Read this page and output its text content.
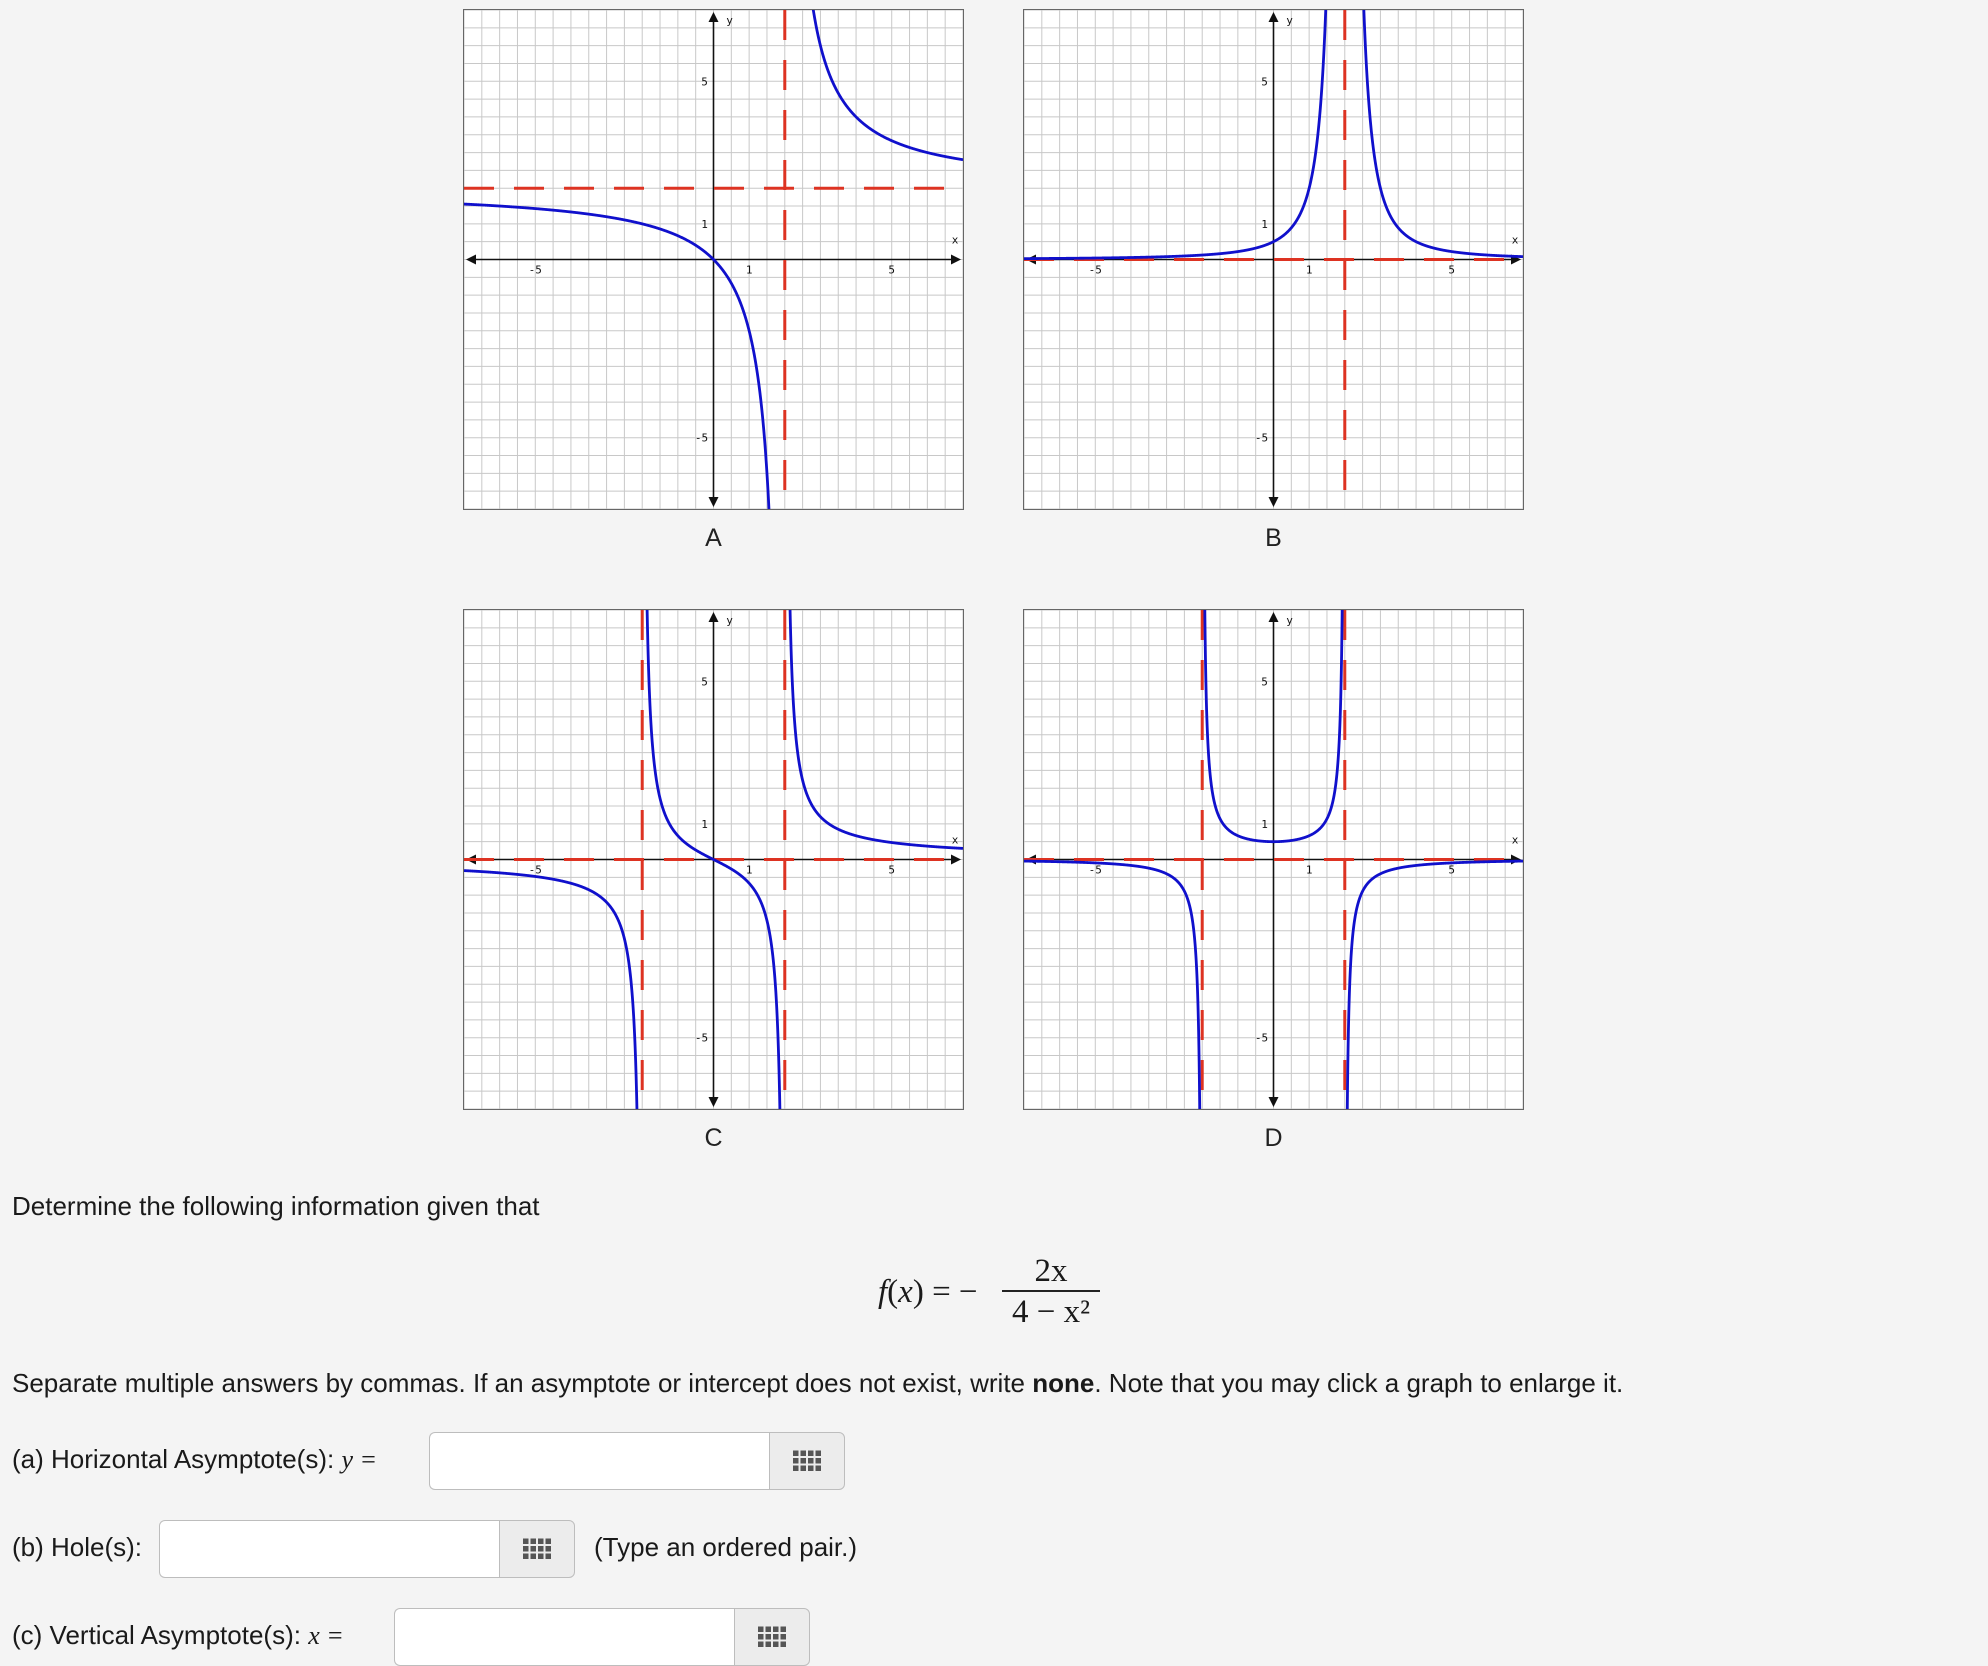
-5	1	5
5
1
-5
x
y
A
-5	1	5
5
1
-5
x
y
B
-5	1	5
5
1
-5
x
y
C
-5	1	5
5
1
-5
x
y
D
Determine the following information given that
f(x) = −
2x
4 − x²
Separate multiple answers by commas. If an asymptote or intercept does not exist, write none. Note that you may click a graph to enlarge it.
(a) Horizontal Asymptote(s): y =
(b) Hole(s):	(Type an ordered pair.)
(c) Vertical Asymptote(s): x =
